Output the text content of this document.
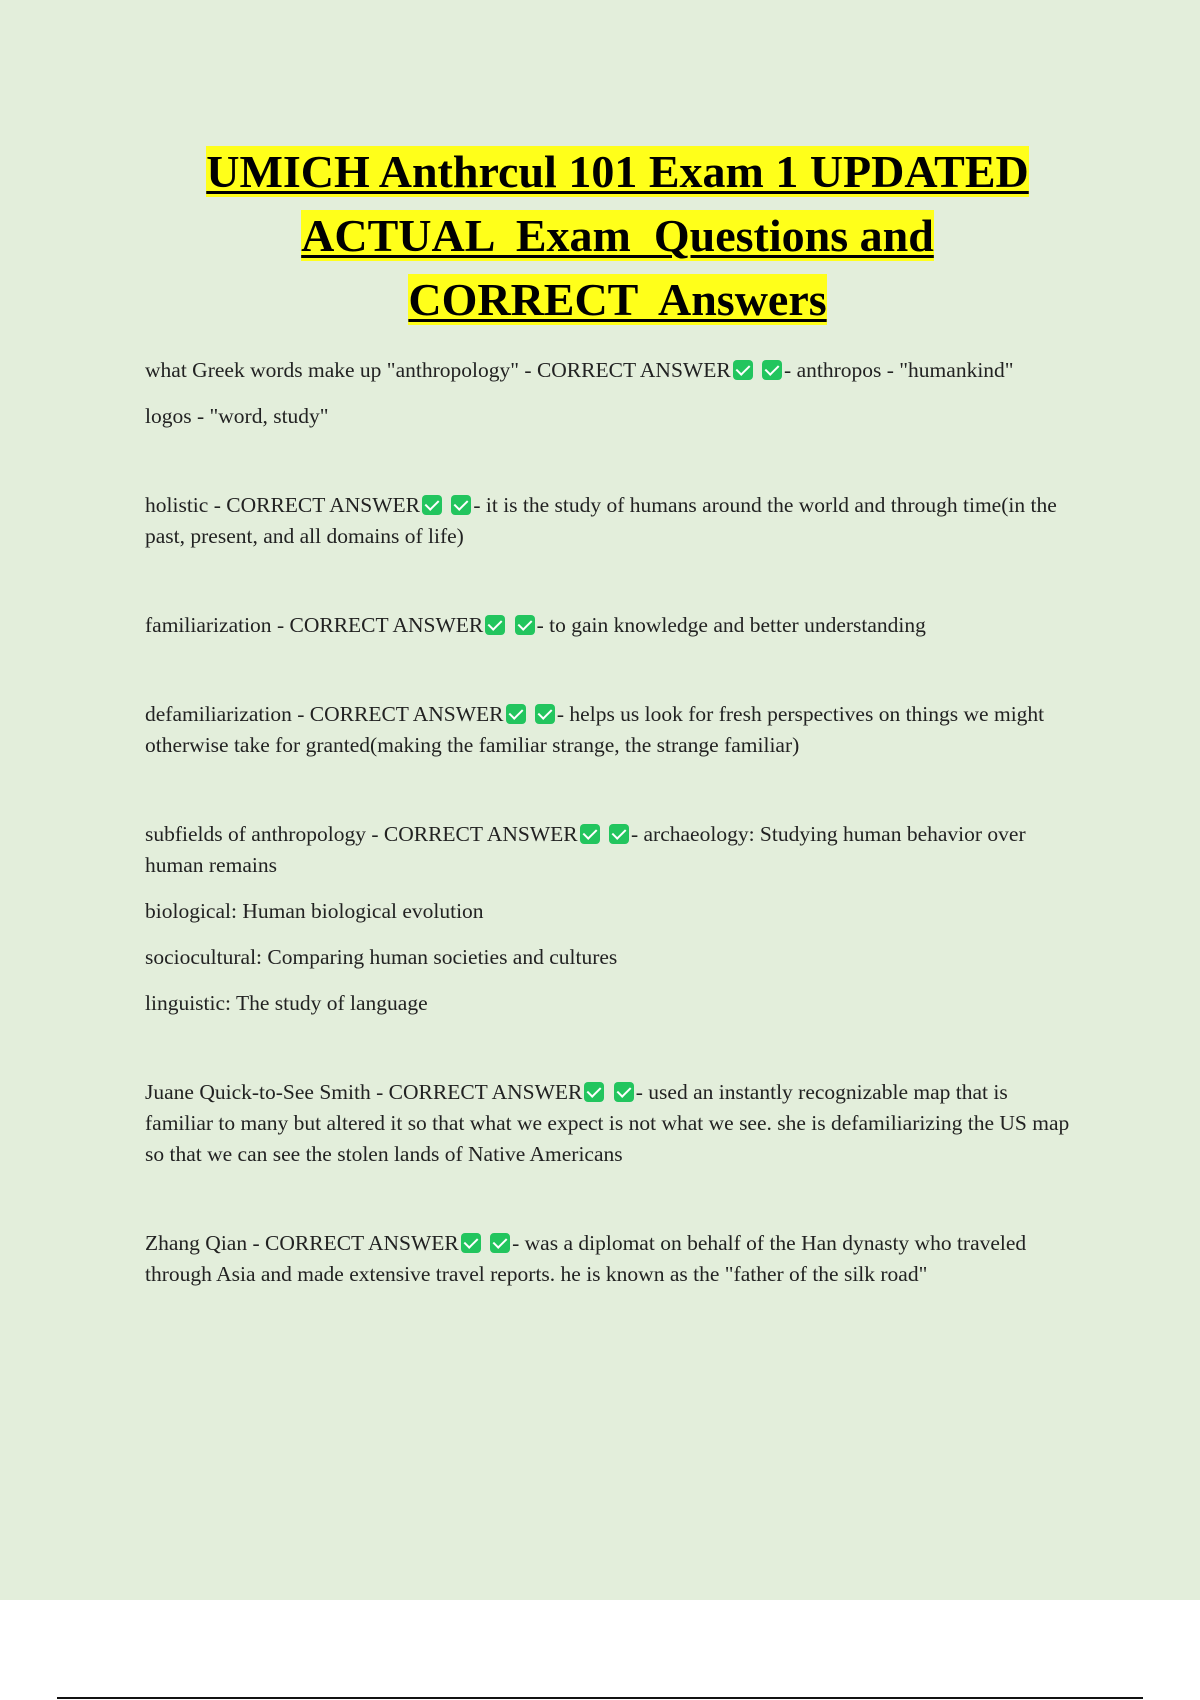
UMICH Anthrcul 101 Exam 1 UPDATED
ACTUAL  Exam  Questions and
CORRECT  Answers

what Greek words make up "anthropology" - CORRECT ANSWER - anthropos - "humankind"

logos - "word, study"

holistic - CORRECT ANSWER - it is the study of humans around the world and through time(in the past, present, and all domains of life)

familiarization - CORRECT ANSWER - to gain knowledge and better understanding

defamiliarization - CORRECT ANSWER - helps us look for fresh perspectives on things we might otherwise take for granted(making the familiar strange, the strange familiar)

subfields of anthropology - CORRECT ANSWER - archaeology: Studying human behavior over human remains

biological: Human biological evolution

sociocultural: Comparing human societies and cultures

linguistic: The study of language

Juane Quick-to-See Smith - CORRECT ANSWER - used an instantly recognizable map that is familiar to many but altered it so that what we expect is not what we see. she is defamiliarizing the US map so that we can see the stolen lands of Native Americans

Zhang Qian - CORRECT ANSWER - was a diplomat on behalf of the Han dynasty who traveled through Asia and made extensive travel reports. he is known as the "father of the silk road"
